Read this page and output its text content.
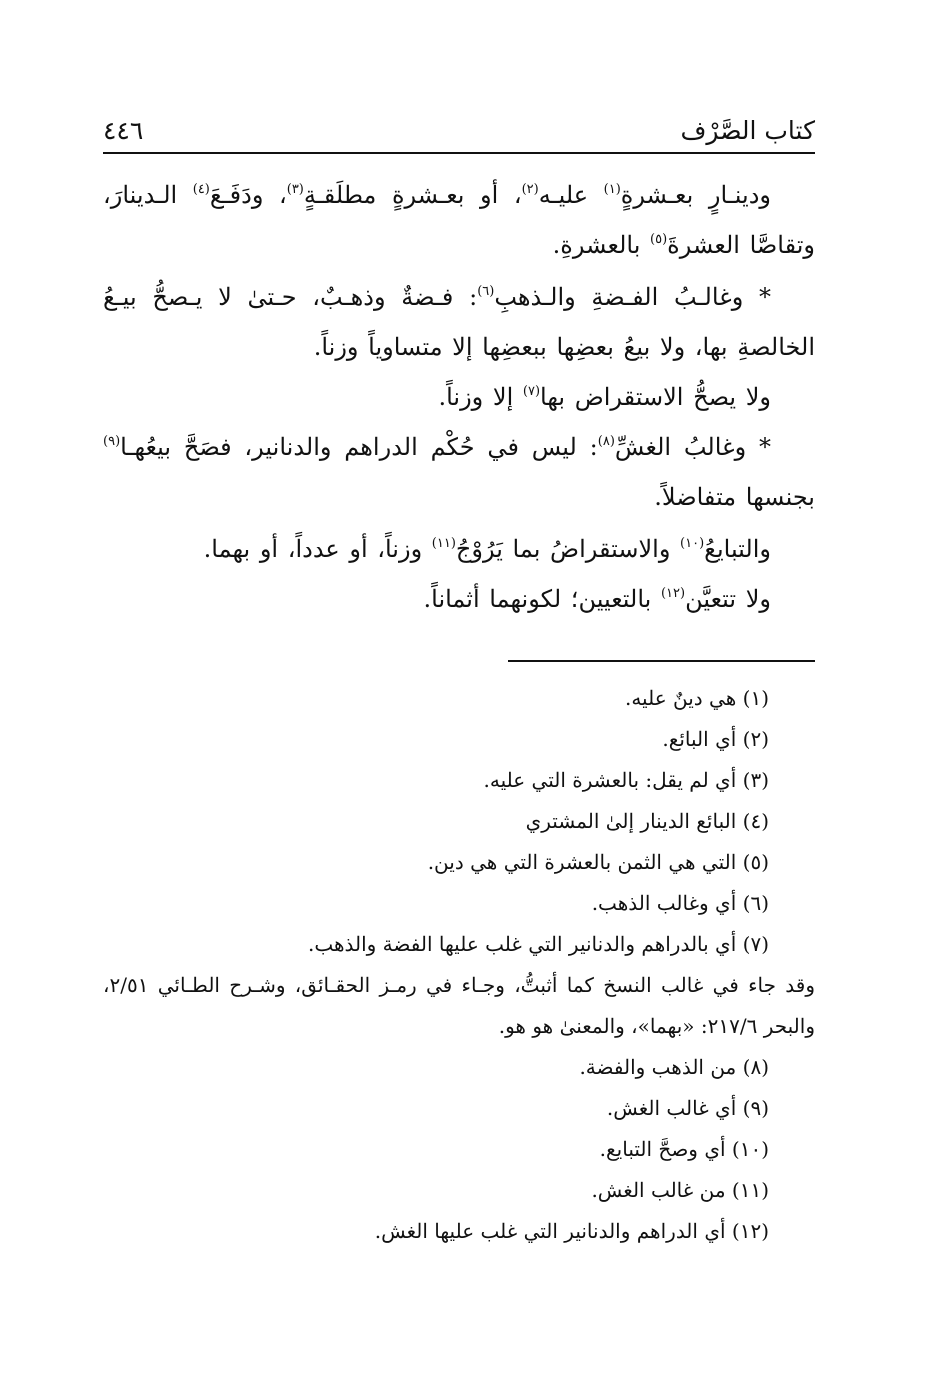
كتاب الصَّرْف
٤٤٦

ودينـارٍ بعـشرةٍ$^{(١)}$ عليـه$^{(٢)}$، أو بعـشرةٍ مطلَقـةٍ$^{(٣)}$، ودَفَـعَ$^{(٤)}$ الـدينارَ، وتقاصَّا العشرةَ$^{(٥)}$ بالعشرةِ.

* وغالـبُ الفـضةِ والـذهبِ$^{(٦)}$: فـضةٌ وذهـبٌ، حـتىٰ لا يـصحُّ بيـعُ الخالصةِ بها، ولا بيعُ بعضِها ببعضِها إلا متساوياً وزناً.

ولا يصحُّ الاستقراض بها$^{(٧)}$ إلا وزناً.

* وغالبُ الغشِّ$^{(٨)}$: ليس في حُكْم الدراهم والدنانير، فصَحَّ بيعُهـا$^{(٩)}$ بجنسها متفاضلاً.

والتبايعُ$^{(١٠)}$ والاستقراضُ بما يَرُوْجُ$^{(١١)}$ وزناً، أو عدداً، أو بهما.

ولا تتعيَّن$^{(١٢)}$ بالتعيين؛ لكونهما أثماناً.

(١) هي دينٌ عليه.
(٢) أي البائع.
(٣) أي لم يقل: بالعشرة التي عليه.
(٤) البائع الدينار إلىٰ المشتري
(٥) التي هي الثمن بالعشرة التي هي دين.
(٦) أي وغالب الذهب.
(٧) أي بالدراهم والدنانير التي غلب عليها الفضة والذهب.
وقد جاء في غالب النسخ كما أثبتُّ، وجـاء في رمـز الحقـائق، وشـرح الطـائي ٢/٥١، والبحر ٢١٧/٦: «بهما»، والمعنىٰ هو هو.
(٨) من الذهب والفضة.
(٩) أي غالب الغش.
(١٠) أي وصحَّ التبايع.
(١١) من غالب الغش.
(١٢) أي الدراهم والدنانير التي غلب عليها الغش.
